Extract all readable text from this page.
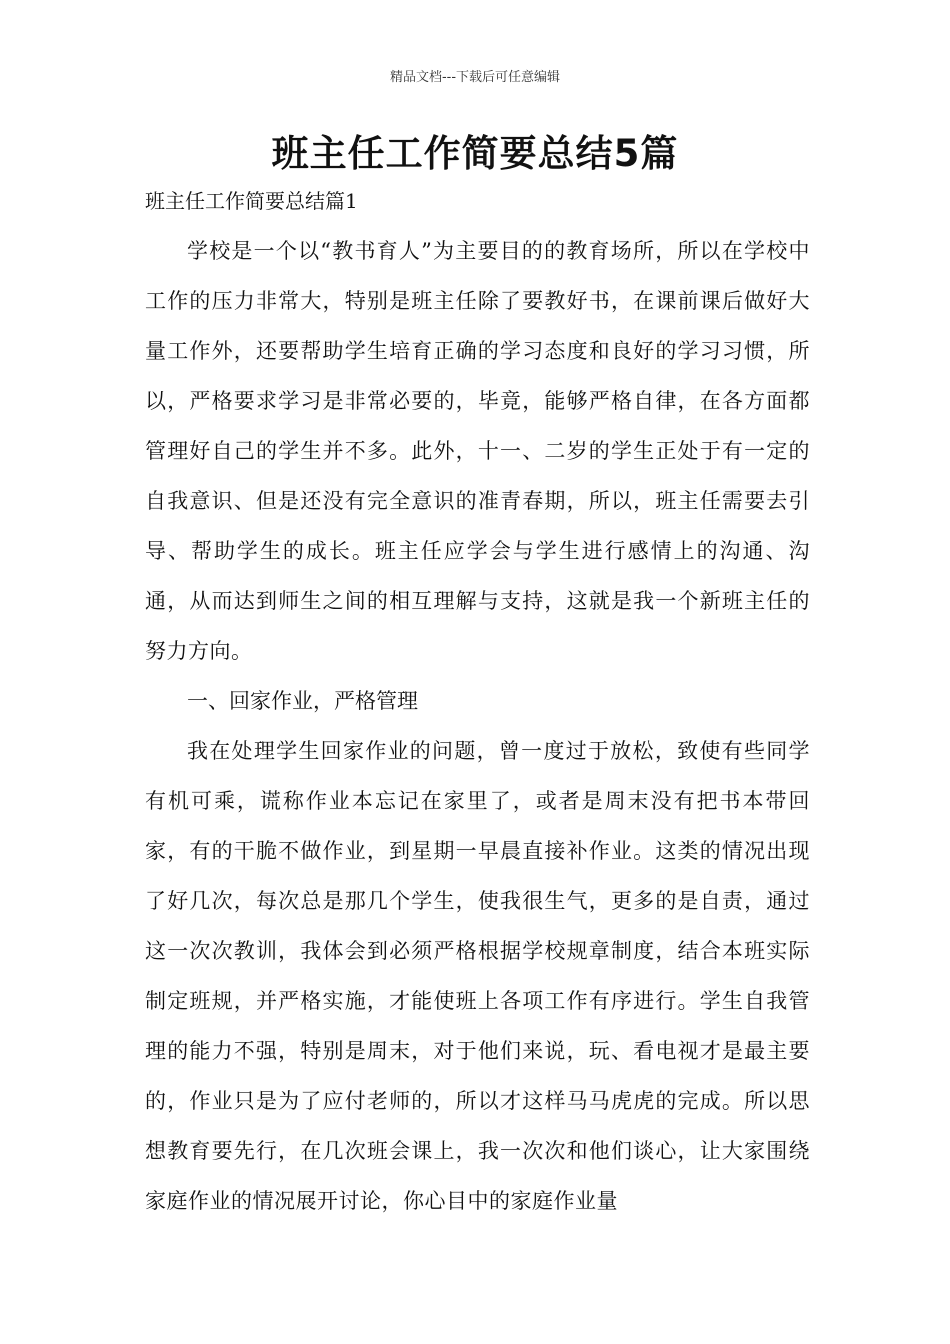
精品文档---下载后可任意编辑
班主任工作简要总结5篇

班主任工作简要总结篇1

学校是一个以“教书育人”为主要目的的教育场所，所以在学校中工作的压力非常大，特别是班主任除了要教好书，在课前课后做好大量工作外，还要帮助学生培育正确的学习态度和良好的学习习惯，所以，严格要求学习是非常必要的，毕竟，能够严格自律，在各方面都管理好自己的学生并不多。此外，十一、二岁的学生正处于有一定的自我意识、但是还没有完全意识的准青春期，所以，班主任需要去引导、帮助学生的成长。班主任应学会与学生进行感情上的沟通、沟通，从而达到师生之间的相互理解与支持，这就是我一个新班主任的努力方向。

一、回家作业，严格管理

我在处理学生回家作业的问题，曾一度过于放松，致使有些同学有机可乘，谎称作业本忘记在家里了，或者是周末没有把书本带回家，有的干脆不做作业，到星期一早晨直接补作业。这类的情况出现了好几次，每次总是那几个学生，使我很生气，更多的是自责，通过这一次次教训，我体会到必须严格根据学校规章制度，结合本班实际制定班规，并严格实施，才能使班上各项工作有序进行。学生自我管理的能力不强，特别是周末，对于他们来说，玩、看电视才是最主要的，作业只是为了应付老师的，所以才这样马马虎虎的完成。所以思想教育要先行，在几次班会课上，我一次次和他们谈心，让大家围绕家庭作业的情况展开讨论，你心目中的家庭作业量
